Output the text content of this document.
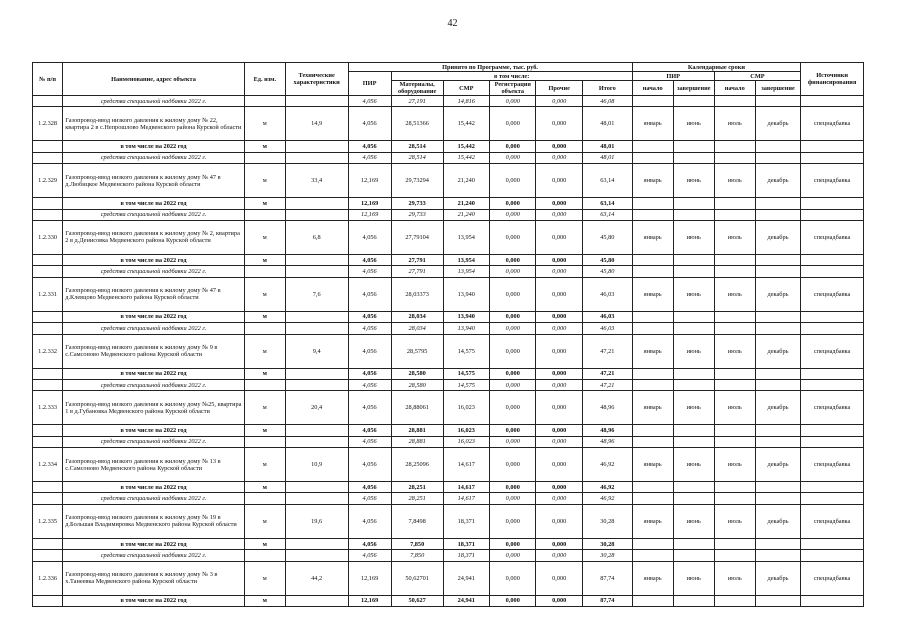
42
№ п/п	Наименование, адрес объекта	Ед. изм.	Технические характеристики	Принято по Программе, тыс. руб.						Календарные сроки				Источники финансирования
				ПИР	в том числе:					ПИР		СМР		
					Материалы, оборудование	СМР	Регистрация объекта	Прочие	Итого	начало	завершение	начало	завершение	
	средства специальной надбавки 2022 г.			4,056	27,191	14,816	0,000	0,000	46,08					
1.2.328	Газопровод-ввод низкого давления к жилому дому № 22, квартира 2 в с.Непрошлово Медвенского района Курской области	м	14,9	4,056	28,51366	15,442	0,000	0,000	48,01	январь	июнь	июль	декабрь	спецнадбавка
	в том числе на 2022 год	м		4,056	28,514	15,442	0,000	0,000	48,01					
	средства специальной надбавки 2022 г.			4,056	28,514	15,442	0,000	0,000	48,01					
1.2.329	Газопровод-ввод низкого давления к жилому дому № 47 в д.Любицкое Медвенского района Курской области	м	33,4	12,169	29,73294	21,240	0,000	0,000	63,14	январь	июнь	июль	декабрь	спецнадбавка
	в том числе на 2022 год	м		12,169	29,733	21,240	0,000	0,000	63,14					
	средства специальной надбавки 2022 г.			12,169	29,733	21,240	0,000	0,000	63,14					
1.2.330	Газопровод-ввод низкого давления к жилому дому № 2, квартира 2 в д.Денисовка Медвенского района Курской области	м	6,8	4,056	27,79104	13,954	0,000	0,000	45,80	январь	июнь	июль	декабрь	спецнадбавка
	в том числе на 2022 год	м		4,056	27,791	13,954	0,000	0,000	45,80					
	средства специальной надбавки 2022 г.			4,056	27,791	13,954	0,000	0,000	45,80					
1.2.331	Газопровод-ввод низкого давления к жилому дому № 47 в д.Клевцово Медвенского района Курской области	м	7,6	4,056	28,03373	13,940	0,000	0,000	46,03	январь	июнь	июль	декабрь	спецнадбавка
	в том числе на 2022 год	м		4,056	28,034	13,940	0,000	0,000	46,03					
	средства специальной надбавки 2022 г.			4,056	28,034	13,940	0,000	0,000	46,03					
1.2.332	Газопровод-ввод низкого давления к жилому дому № 9 в с.Самсоново Медвенского района Курской области	м	9,4	4,056	28,5795	14,575	0,000	0,000	47,21	январь	июнь	июль	декабрь	спецнадбавка
	в том числе на 2022 год	м		4,056	28,580	14,575	0,000	0,000	47,21					
	средства специальной надбавки 2022 г.			4,056	28,580	14,575	0,000	0,000	47,21					
1.2.333	Газопровод-ввод низкого давления к жилому дому №25, квартира 1 в д.Губановка Медвенского района Курской области	м	20,4	4,056	28,88061	16,023	0,000	0,000	48,96	январь	июнь	июль	декабрь	спецнадбавка
	в том числе на 2022 год	м		4,056	28,881	16,023	0,000	0,000	48,96					
	средства специальной надбавки 2022 г.			4,056	28,881	16,023	0,000	0,000	48,96					
1.2.334	Газопровод-ввод низкого давления к жилому дому № 13 в с.Самсоново Медвенского района Курской области	м	10,9	4,056	28,25096	14,617	0,000	0,000	46,92	январь	июнь	июль	декабрь	спецнадбавка
	в том числе на 2022 год	м		4,056	28,251	14,617	0,000	0,000	46,92					
	средства специальной надбавки 2022 г.			4,056	28,251	14,617	0,000	0,000	46,92					
1.2.335	Газопровод-ввод низкого давления к жилому дому № 19 в д.Большая Владимировка Медвенского района Курской области	м	19,6	4,056	7,8498	18,371	0,000	0,000	30,28	январь	июнь	июль	декабрь	спецнадбавка
	в том числе на 2022 год	м		4,056	7,850	18,371	0,000	0,000	30,28					
	средства специальной надбавки 2022 г.			4,056	7,850	18,371	0,000	0,000	30,28					
1.2.336	Газопровод-ввод низкого давления к жилому дому № 3 в х.Танеевка Медвенского района Курской области	м	44,2	12,169	50,62701	24,941	0,000	0,000	87,74	январь	июнь	июль	декабрь	спецнадбавка
	в том числе на 2022 год	м		12,169	50,627	24,941	0,000	0,000	87,74					
